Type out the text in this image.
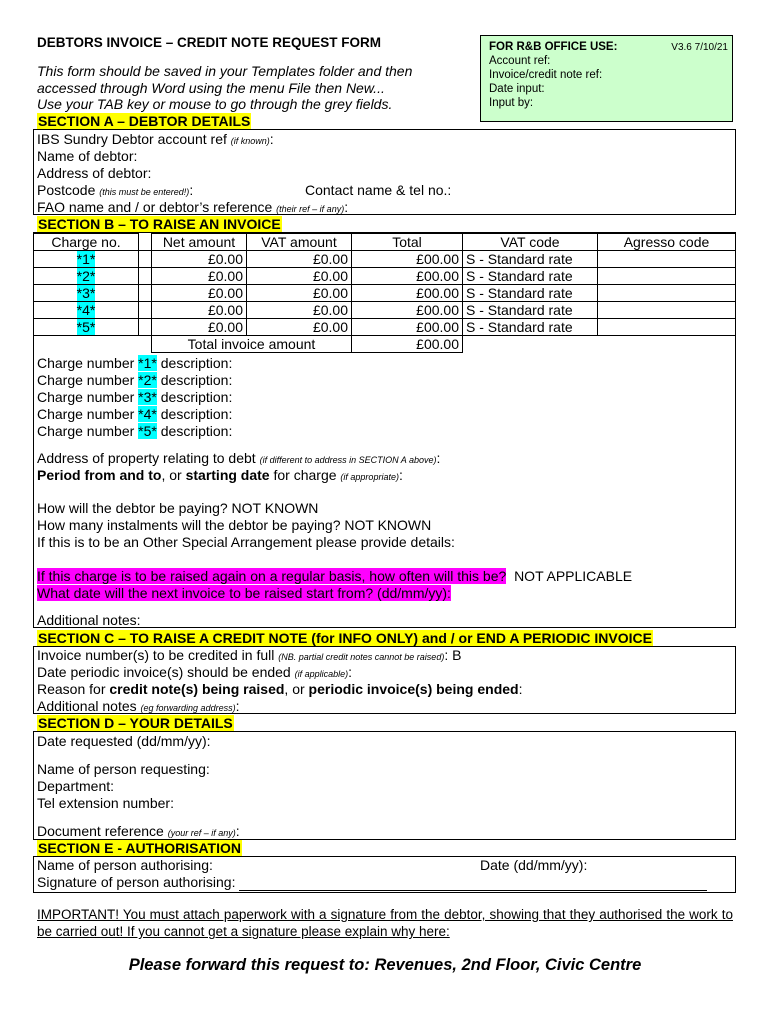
DEBTORS INVOICE – CREDIT NOTE REQUEST FORM
This form should be saved in your Templates folder and then
accessed through Word using the menu File then New...
Use your TAB key or mouse to go through the grey fields.
FOR R&B OFFICE USE:	V3.6 7/10/21
Account ref:
Invoice/credit note ref:
Date input:
Input by:
SECTION A – DEBTOR DETAILS
IBS Sundry Debtor account ref (if known):
Name of debtor:
Address of debtor:
Postcode (this must be entered!):	Contact name & tel no.:
FAO name and / or debtor’s reference (their ref – if any):
SECTION B – TO RAISE AN INVOICE
Charge no.		Net amount	VAT amount	Total	VAT code	Agresso code
*1*		£0.00	£0.00	£00.00	S - Standard rate	
*2*		£0.00	£0.00	£00.00	S - Standard rate	
*3*		£0.00	£0.00	£00.00	S - Standard rate	
*4*		£0.00	£0.00	£00.00	S - Standard rate	
*5*		£0.00	£0.00	£00.00	S - Standard rate	
		Total invoice amount		£00.00		
Charge number *1* description:
Charge number *2* description:
Charge number *3* description:
Charge number *4* description:
Charge number *5* description:
Address of property relating to debt (if different to address in SECTION A above):
Period from and to, or starting date for charge (if appropriate):
How will the debtor be paying? NOT KNOWN
How many instalments will the debtor be paying? NOT KNOWN
If this is to be an Other Special Arrangement please provide details:
If this charge is to be raised again on a regular basis, how often will this be? NOT APPLICABLE
What date will the next invoice to be raised start from? (dd/mm/yy):
Additional notes:
SECTION C – TO RAISE A CREDIT NOTE (for INFO ONLY) and / or END A PERIODIC INVOICE
Invoice number(s) to be credited in full (NB. partial credit notes cannot be raised): B
Date periodic invoice(s) should be ended (if applicable):
Reason for credit note(s) being raised, or periodic invoice(s) being ended:
Additional notes (eg forwarding address):
SECTION D – YOUR DETAILS
Date requested (dd/mm/yy):
Name of person requesting:
Department:
Tel extension number:
Document reference (your ref – if any):
SECTION E - AUTHORISATION
Name of person authorising:	Date (dd/mm/yy):
Signature of person authorising:
IMPORTANT! You must attach paperwork with a signature from the debtor, showing that they authorised the work to be carried out! If you cannot get a signature please explain why here:
Please forward this request to: Revenues, 2nd Floor, Civic Centre
